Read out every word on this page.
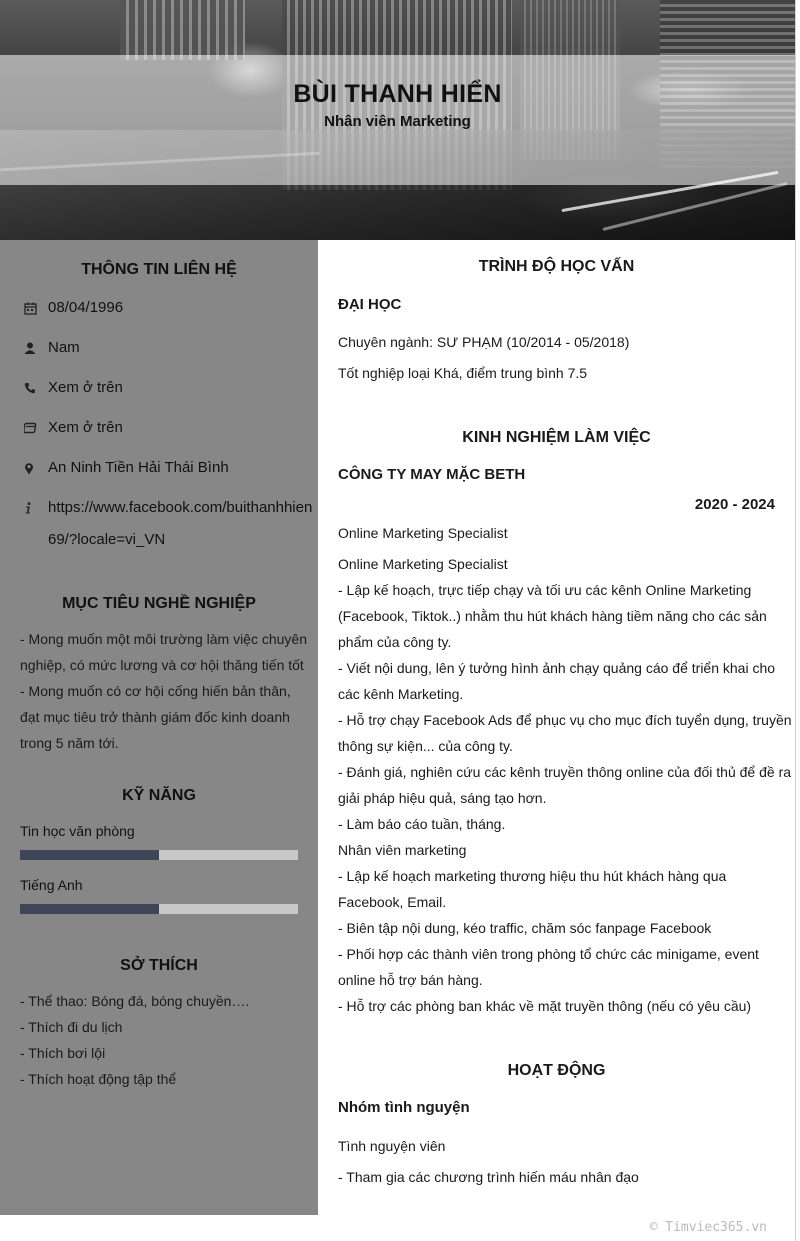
BÙI THANH HIỂN
Nhân viên Marketing
THÔNG TIN LIÊN HỆ
08/04/1996
Nam
Xem ở trên
Xem ở trên
An Ninh Tiền Hải Thái Bình
https://www.facebook.com/buithanhhien69/?locale=vi_VN
MỤC TIÊU NGHỀ NGHIỆP
- Mong muốn một môi trường làm việc chuyên nghiệp, có mức lương và cơ hội thăng tiến tốt
- Mong muốn có cơ hội cống hiến bản thân, đạt mục tiêu trở thành giám đốc kinh doanh trong 5 năm tới.
KỸ NĂNG
Tin học văn phòng
Tiếng Anh
SỞ THÍCH
- Thể thao: Bóng đá, bóng chuyền….
- Thích đi du lịch
- Thích bơi lội
- Thích hoạt động tập thể
TRÌNH ĐỘ HỌC VẤN
ĐẠI HỌC
Chuyên ngành: SƯ PHẠM (10/2014 - 05/2018)
Tốt nghiệp loại Khá, điểm trung bình 7.5
KINH NGHIỆM LÀM VIỆC
CÔNG TY MAY MẶC BETH
2020 - 2024
Online Marketing Specialist
Online Marketing Specialist
- Lập kế hoạch, trực tiếp chạy và tối ưu các kênh Online Marketing (Facebook, Tiktok..) nhằm thu hút khách hàng tiềm năng cho các sản phẩm của công ty.
- Viết nội dung, lên ý tưởng hình ảnh chạy quảng cáo để triển khai cho các kênh Marketing.
- Hỗ trợ chạy Facebook Ads để phục vụ cho mục đích tuyển dụng, truyền thông sự kiện... của công ty.
- Đánh giá, nghiên cứu các kênh truyền thông online của đối thủ để đề ra giải pháp hiệu quả, sáng tạo hơn.
- Làm báo cáo tuần, tháng.
Nhân viên marketing
- Lập kế hoạch marketing thương hiệu thu hút khách hàng qua Facebook, Email.
- Biên tập nội dung, kéo traffic, chăm sóc fanpage Facebook
- Phối hợp các thành viên trong phòng tổ chức các minigame, event online hỗ trợ bán hàng.
- Hỗ trợ các phòng ban khác về mặt truyền thông (nếu có yêu cầu)
HOẠT ĐỘNG
Nhóm tình nguyện
Tình nguyện viên
- Tham gia các chương trình hiến máu nhân đạo
© Timviec365.vn
